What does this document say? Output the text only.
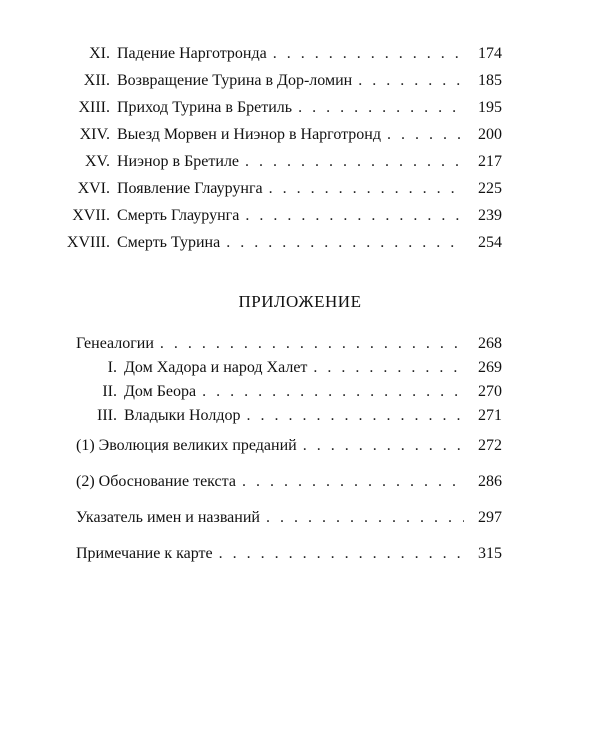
XI. Падение Нарготронда . . .	174
XII. Возвращение Турина в Дор-ломин . . .	185
XIII. Приход Турина в Бретиль . . .	195
XIV. Выезд Морвен и Ниэнор в Нарготронд . . .	200
XV. Ниэнор в Бретиле . . .	217
XVI. Появление Глаурунга . . .	225
XVII. Смерть Глаурунга . . .	239
XVIII. Смерть Турина . . .	254
ПРИЛОЖЕНИЕ
Генеалогии . . .	268
I. Дом Хадора и народ Халет . . .	269
II. Дом Беора . . .	270
III. Владыки Нолдор . . .	271
(1) Эволюция великих преданий . . .	272
(2) Обоснование текста . . .	286
Указатель имен и названий . . .	297
Примечание к карте . . .	315
